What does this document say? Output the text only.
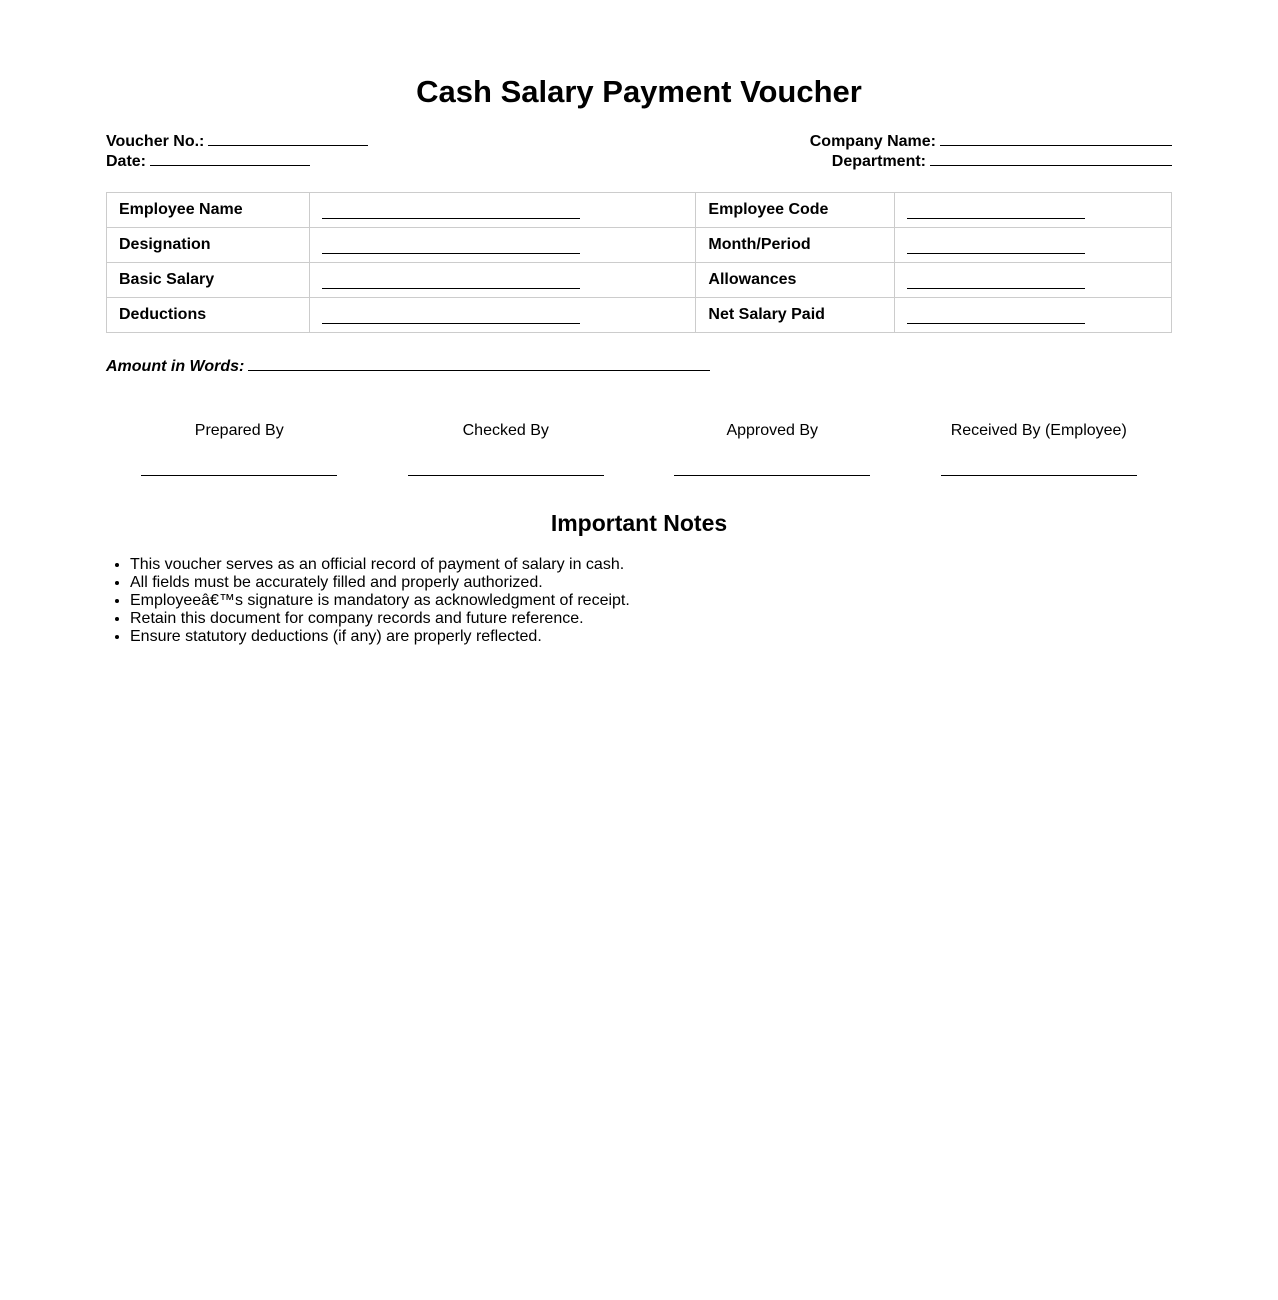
Cash Salary Payment Voucher
Voucher No.:
Date:
Company Name:
Department:
Employee Name		Employee Code	

Designation		Month/Period	

Basic Salary		Allowances	

Deductions		Net Salary Paid	
Amount in Words:
Prepared By	Checked By	Approved By	Received By (Employee)
Important Notes
• This voucher serves as an official record of payment of salary in cash.
• All fields must be accurately filled and properly authorized.
• Employeeâ€™s signature is mandatory as acknowledgment of receipt.
• Retain this document for company records and future reference.
• Ensure statutory deductions (if any) are properly reflected.
